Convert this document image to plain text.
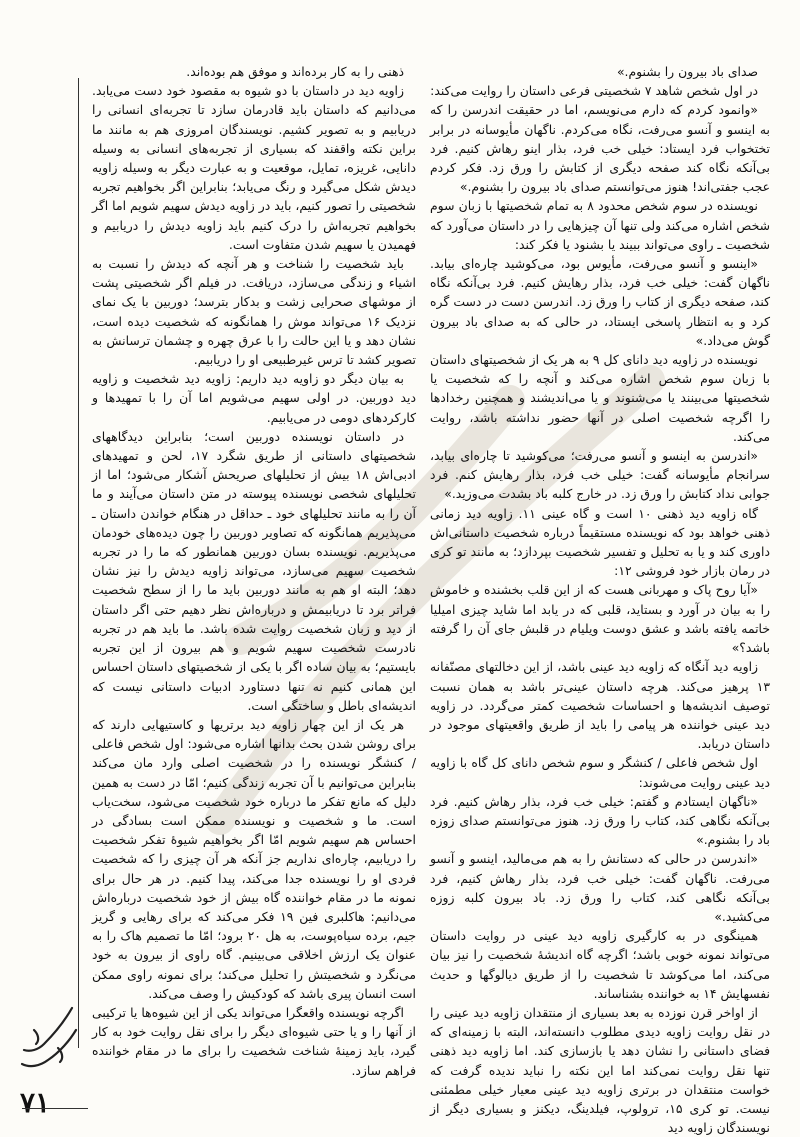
صدای باد بیرون را بشنوم.»

در اول شخص شاهد ۷ شخصیتی فرعی داستان را روایت می‌کند:

«وانمود کردم که دارم می‌نویسم، اما در حقیقت اندرسن را که به اینسو و آنسو می‌رفت، نگاه می‌کردم. ناگهان مأیوسانه در برابر تختخواب فرد ایستاد: خیلی خب فرد، بذار اینو رهاش کنیم. فرد بی‌آنکه نگاه کند صفحه دیگری از کتابش را ورق زد. فکر کردم عجب جفتی‌اند! هنوز می‌توانستم صدای باد بیرون را بشنوم.»

نویسنده در سوم شخص محدود ۸ به تمام شخصیتها با زبان سوم شخص اشاره می‌کند ولی تنها آن چیزهایی را در داستان می‌آورد که شخصیت ـ راوی می‌تواند ببیند یا بشنود یا فکر کند:

«اینسو و آنسو می‌رفت، مأیوس بود، می‌کوشید چاره‌ای بیابد. ناگهان گفت: خیلی خب فرد، بذار رهایش کنیم. فرد بی‌آنکه نگاه کند، صفحه دیگری از کتاب را ورق زد. اندرسن دست در دست گره کرد و به انتظار پاسخی ایستاد، در حالی که به صدای باد بیرون گوش می‌داد.»

نویسنده در زاویه دید دانای کل ۹ به هر یک از شخصیتهای داستان با زبان سوم شخص اشاره می‌کند و آنچه را که شخصیت یا شخصیتها می‌بینند یا می‌شنوند و یا می‌اندیشند و همچنین رخدادها را اگرچه شخصیت اصلی در آنها حضور نداشته باشد، روایت می‌کند.

«اندرسن به اینسو و آنسو می‌رفت؛ می‌کوشید تا چاره‌ای بیابد، سرانجام مأیوسانه گفت: خیلی خب فرد، بذار رهایش کنم. فرد جوابی نداد کتابش را ورق زد. در خارج کلبه باد بشدت می‌وزید.»

گاه زاویه دید ذهنی ۱۰ است و گاه عینی ۱۱. زاویه دید زمانی ذهنی خواهد بود که نویسنده مستقیماً درباره شخصیت داستانی‌اش داوری کند و یا به تحلیل و تفسیر شخصیت بپردازد؛ به مانند تو کری در رمان بازار خود فروشی ۱۲:

«آیا روح پاک و مهربانی هست که از این قلب بخشنده و خاموش را به بیان در آورد و بستاید، قلبی که در یابد اما شاید چیزی امیلیا خاتمه یافته باشد و عشق دوست ویلیام در قلبش جای آن را گرفته باشد؟»

زاویه دید آنگاه که زاویه دید عینی باشد، از این دخالتهای مصنّفانه ۱۳ پرهیز می‌کند. هرچه داستان عینی‌تر باشد به همان نسبت توصیف اندیشه‌ها و احساسات شخصیت کمتر می‌گردد. در زاویه دید عینی خواننده هر پیامی را باید از طریق واقعیتهای موجود در داستان دریابد.

اول شخص فاعلی / کنشگر و سوم شخص دانای کل گاه با زاویه دید عینی روایت می‌شوند:

«ناگهان ایستادم و گفتم: خیلی خب فرد، بذار رهاش کنیم. فرد بی‌آنکه نگاهی کند، کتاب را ورق زد. هنوز می‌توانستم صدای زوزه باد را بشنوم.»

«اندرسن در حالی که دستانش را به هم می‌مالید، اینسو و آنسو می‌رفت. ناگهان گفت: خیلی خب فرد، بذار رهاش کنیم، فرد بی‌آنکه نگاهی کند، کتاب را ورق زد. باد بیرون کلبه زوزه می‌کشید.»

همینگوی در به کارگیری زاویه دید عینی در روایت داستان می‌تواند نمونه خوبی باشد؛ اگرچه گاه اندیشهٔ شخصیت را نیز بیان می‌کند، اما می‌کوشد تا شخصیت را از طریق دیالوگها و حدیث نفسهایش ۱۴ به خواننده بشناساند.

از اواخر قرن نوزده به بعد بسیاری از منتقدان زاویه دید عینی را در نقل روایت زاویه دیدی مطلوب دانسته‌اند، البته با زمینه‌ای که فضای داستانی را نشان دهد یا بازسازی کند. اما زاویه دید ذهنی تنها نقل روایت نمی‌کند اما این نکته را نباید ندیده گرفت که خواست منتقدان در برتری زاویه دید عینی معیار خیلی مطمئنی نیست. تو کری ۱۵، ترولوپ، فیلدینگ، دیکنز و بسیاری دیگر از نویسندگان زاویه دید

ذهنی را به کار برده‌اند و موفق هم بوده‌اند.

زاویه دید در داستان با دو شیوه به مقصود خود دست می‌یابد. می‌دانیم که داستان باید قادرمان سازد تا تجربه‌ای انسانی را دریابیم و به تصویر کشیم. نویسندگان امروزی هم به مانند ما براین نکته واقفند که بسیاری از تجربه‌های انسانی به وسیله دانایی، غریزه، تمایل، موقعیت و به عبارت دیگر به وسیله زاویه دیدش شکل می‌گیرد و رنگ می‌یابد؛ بنابراین اگر بخواهیم تجربه شخصیتی را تصور کنیم، باید در زاویه دیدش سهیم شویم اما اگر بخواهیم تجربه‌اش را درک کنیم باید زاویه دیدش را دریابیم و فهمیدن یا سهیم شدن متفاوت است.

باید شخصیت را شناخت و هر آنچه که دیدش را نسبت به اشیاء و زندگی می‌سازد، دریافت. در فیلم اگر شخصیتی پشت از موشهای صحرایی زشت و بدکار بترسد؛ دوربین با یک نمای نزدیک ۱۶ می‌تواند موش را همانگونه که شخصیت دیده است، نشان دهد و یا این حالت را با عرق چهره و چشمان ترسانش به تصویر کشد تا ترس غیرطبیعی او را دریابیم.

به بیان دیگر دو زاویه دید داریم: زاویه دید شخصیت و زاویه دید دوربین. در اولی سهیم می‌شویم اما آن را با تمهیدها و کارکردهای دومی در می‌یابیم.

در داستان نویسنده دوربین است؛ بنابراین دیدگاههای شخصیتهای داستانی از طریق شگرد ۱۷، لحن و تمهیدهای ادبی‌اش ۱۸ بیش از تحلیلهای صریحش آشکار می‌شود؛ اما از تحلیلهای شخصی نویسنده پیوسته در متن داستان می‌آیند و ما آن را به مانند تحلیلهای خود ـ حداقل در هنگام خواندن داستان ـ می‌پذیریم همانگونه که تصاویر دوربین را چون دیده‌های خودمان می‌پذیریم. نویسنده بسان دوربین همانطور که ما را در تجربه شخصیت سهیم می‌سازد، می‌تواند زاویه دیدش را نیز نشان دهد؛ البته او هم به مانند دوربین باید ما را از سطح شخصیت فراتر برد تا دریابیمش و درباره‌اش نظر دهیم حتی اگر داستان از دید و زبان شخصیت روایت شده باشد. ما باید هم در تجربه نادرست شخصیت سهیم شویم و هم بیرون از این تجربه بایستیم؛ به بیان ساده اگر با یکی از شخصیتهای داستان احساس این همانی کنیم نه تنها دستاورد ادبیات داستانی نیست که اندیشه‌ای باطل و ساختگی است.

هر یک از این چهار زاویه دید برتریها و کاستیهایی دارند که برای روشن شدن بحث بدانها اشاره می‌شود: اول شخص فاعلی / کنشگر نویسنده را در شخصیت اصلی وارد مان می‌کند بنابراین می‌توانیم با آن تجربه زندگی کنیم؛ امّا در دست به همین دلیل که مانع تفکر ما درباره خود شخصیت می‌شود، سخت‌یاب است. ما و شخصیت و نویسنده ممکن است بسادگی در احساس هم سهیم شویم امّا اگر بخواهیم شیوهٔ تفکر شخصیت را دریابیم، چاره‌ای نداریم جز آنکه هر آن چیزی را که شخصیت فردی او را نویسنده جدا می‌کند، پیدا کنیم. در هر حال برای نمونه ما در مقام خواننده گاه بیش از خود شخصیت درباره‌اش می‌دانیم: هاکلبری فین ۱۹ فکر می‌کند که برای رهایی و گریز جیم، برده سیاه‌پوست، به هل ۲۰ برود؛ امّا ما تصمیم هاک را به عنوان یک ارزش اخلاقی می‌بینیم. گاه راوی از بیرون به خود می‌نگرد و شخصیتش را تحلیل می‌کند؛ برای نمونه راوی ممکن است انسان پیری باشد که کودکیش را وصف می‌کند.

اگرچه نویسنده واقعگرا می‌تواند یکی از این شیوه‌ها یا ترکیبی از آنها را و یا حتی شیوه‌ای دیگر را برای نقل روایت خود به کار گیرد، باید زمینهٔ شناخت شخصیت را برای ما در مقام خواننده فراهم سازد.

۷۱
